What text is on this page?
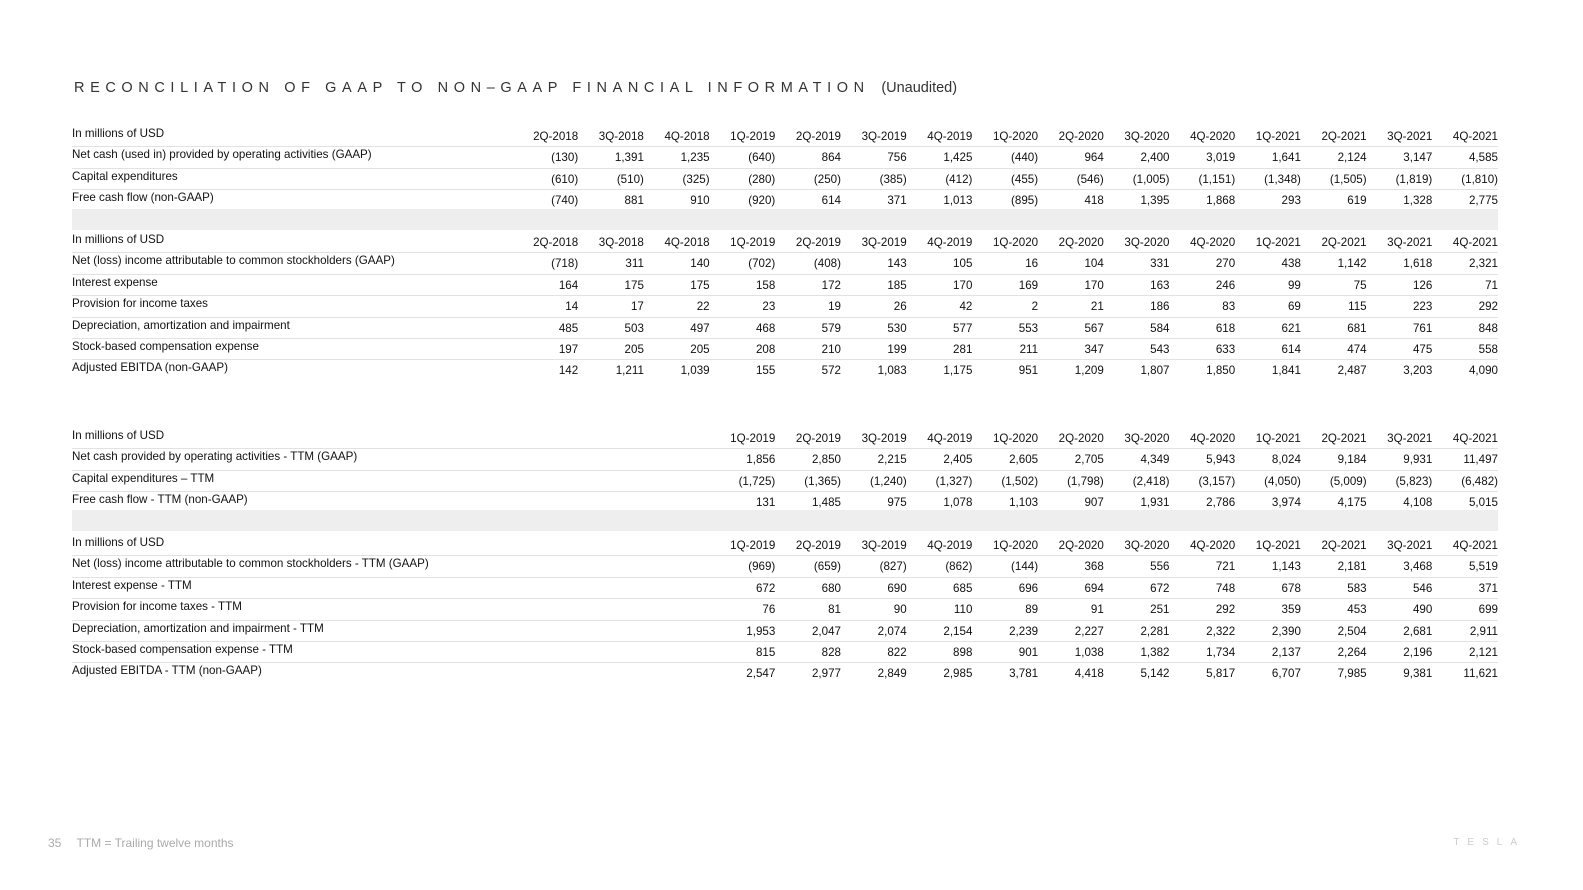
RECONCILIATION OF GAAP TO NON–GAAP FINANCIAL INFORMATION (Unaudited)
In millions of USD	2Q-2018	3Q-2018	4Q-2018	1Q-2019	2Q-2019	3Q-2019	4Q-2019	1Q-2020	2Q-2020	3Q-2020	4Q-2020	1Q-2021	2Q-2021	3Q-2021	4Q-2021
Net cash (used in) provided by operating activities (GAAP)	(130)	1,391	1,235	(640)	864	756	1,425	(440)	964	2,400	3,019	1,641	2,124	3,147	4,585
Capital expenditures	(610)	(510)	(325)	(280)	(250)	(385)	(412)	(455)	(546)	(1,005)	(1,151)	(1,348)	(1,505)	(1,819)	(1,810)
Free cash flow (non-GAAP)	(740)	881	910	(920)	614	371	1,013	(895)	418	1,395	1,868	293	619	1,328	2,775
In millions of USD	2Q-2018	3Q-2018	4Q-2018	1Q-2019	2Q-2019	3Q-2019	4Q-2019	1Q-2020	2Q-2020	3Q-2020	4Q-2020	1Q-2021	2Q-2021	3Q-2021	4Q-2021
Net (loss) income attributable to common stockholders (GAAP)	(718)	311	140	(702)	(408)	143	105	16	104	331	270	438	1,142	1,618	2,321
Interest expense	164	175	175	158	172	185	170	169	170	163	246	99	75	126	71
Provision for income taxes	14	17	22	23	19	26	42	2	21	186	83	69	115	223	292
Depreciation, amortization and impairment	485	503	497	468	579	530	577	553	567	584	618	621	681	761	848
Stock-based compensation expense	197	205	205	208	210	199	281	211	347	543	633	614	474	475	558
Adjusted EBITDA (non-GAAP)	142	1,211	1,039	155	572	1,083	1,175	951	1,209	1,807	1,850	1,841	2,487	3,203	4,090
In millions of USD	1Q-2019	2Q-2019	3Q-2019	4Q-2019	1Q-2020	2Q-2020	3Q-2020	4Q-2020	1Q-2021	2Q-2021	3Q-2021	4Q-2021
Net cash provided by operating activities - TTM (GAAP)	1,856	2,850	2,215	2,405	2,605	2,705	4,349	5,943	8,024	9,184	9,931	11,497
Capital expenditures – TTM	(1,725)	(1,365)	(1,240)	(1,327)	(1,502)	(1,798)	(2,418)	(3,157)	(4,050)	(5,009)	(5,823)	(6,482)
Free cash flow - TTM (non-GAAP)	131	1,485	975	1,078	1,103	907	1,931	2,786	3,974	4,175	4,108	5,015
In millions of USD	1Q-2019	2Q-2019	3Q-2019	4Q-2019	1Q-2020	2Q-2020	3Q-2020	4Q-2020	1Q-2021	2Q-2021	3Q-2021	4Q-2021
Net (loss) income attributable to common stockholders - TTM (GAAP)	(969)	(659)	(827)	(862)	(144)	368	556	721	1,143	2,181	3,468	5,519
Interest expense - TTM	672	680	690	685	696	694	672	748	678	583	546	371
Provision for income taxes - TTM	76	81	90	110	89	91	251	292	359	453	490	699
Depreciation, amortization and impairment - TTM	1,953	2,047	2,074	2,154	2,239	2,227	2,281	2,322	2,390	2,504	2,681	2,911
Stock-based compensation expense - TTM	815	828	822	898	901	1,038	1,382	1,734	2,137	2,264	2,196	2,121
Adjusted EBITDA - TTM (non-GAAP)	2,547	2,977	2,849	2,985	3,781	4,418	5,142	5,817	6,707	7,985	9,381	11,621
35 TTM = Trailing twelve months	TESLA
